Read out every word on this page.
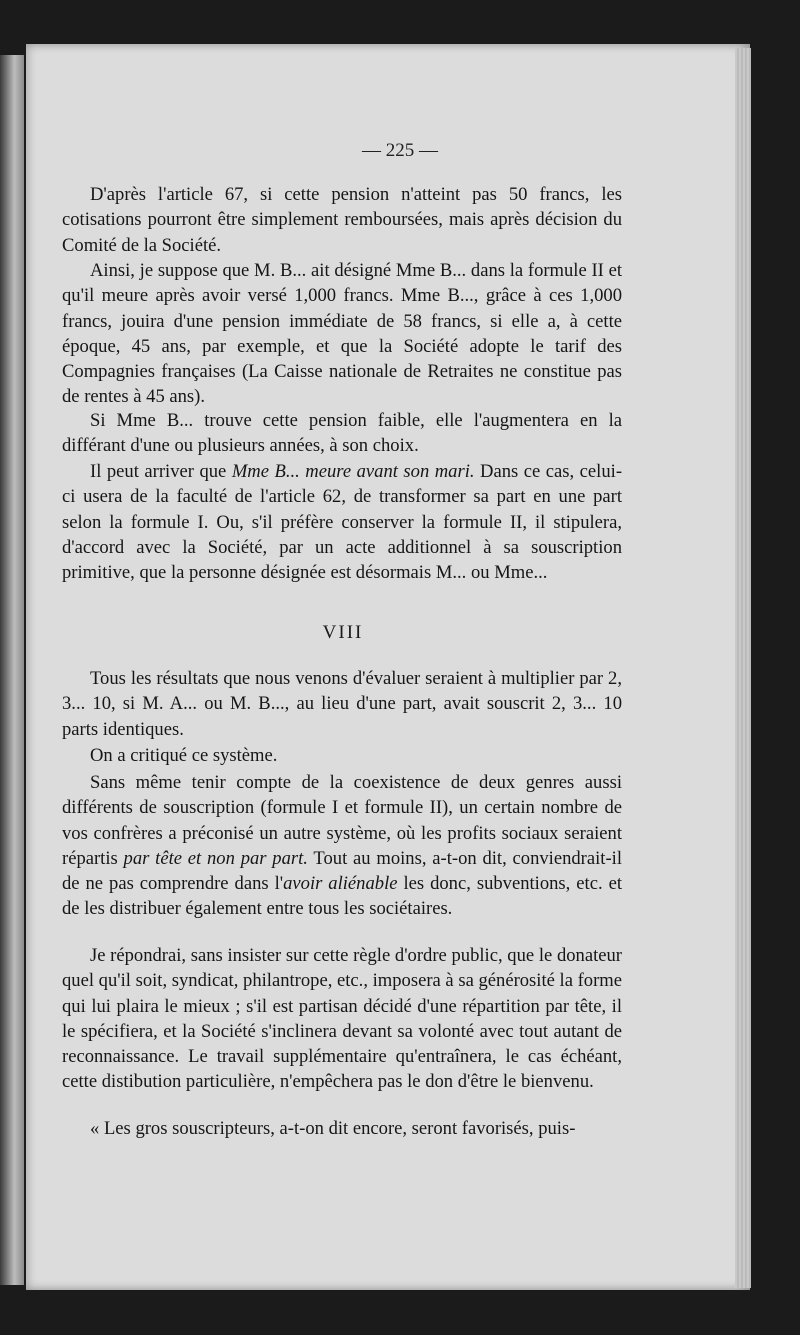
— 225 —

D'après l'article 67, si cette pension n'atteint pas 50 francs, les cotisations pourront être simplement remboursées, mais après décision du Comité de la Société.

Ainsi, je suppose que M. B... ait désigné Mme B... dans la formule II et qu'il meure après avoir versé 1,000 francs. Mme B..., grâce à ces 1,000 francs, jouira d'une pension immédiate de 58 francs, si elle a, à cette époque, 45 ans, par exemple, et que la Société adopte le tarif des Compagnies françaises (La Caisse nationale de Retraites ne constitue pas de rentes à 45 ans).

Si Mme B... trouve cette pension faible, elle l'augmentera en la différant d'une ou plusieurs années, à son choix.

Il peut arriver que Mme B... meure avant son mari. Dans ce cas, celui-ci usera de la faculté de l'article 62, de transformer sa part en une part selon la formule I. Ou, s'il préfère conserver la formule II, il stipulera, d'accord avec la Société, par un acte additionnel à sa souscription primitive, que la personne désignée est désormais M... ou Mme...

VIII

Tous les résultats que nous venons d'évaluer seraient à multiplier par 2, 3... 10, si M. A... ou M. B..., au lieu d'une part, avait souscrit 2, 3... 10 parts identiques.

On a critiqué ce système.

Sans même tenir compte de la coexistence de deux genres aussi différents de souscription (formule I et formule II), un certain nombre de vos confrères a préconisé un autre système, où les profits sociaux seraient répartis par tête et non par part. Tout au moins, a-t-on dit, conviendrait-il de ne pas comprendre dans l'avoir aliénable les donc, subventions, etc. et de les distribuer également entre tous les sociétaires.

Je répondrai, sans insister sur cette règle d'ordre public, que le donateur quel qu'il soit, syndicat, philantrope, etc., imposera à sa générosité la forme qui lui plaira le mieux ; s'il est partisan décidé d'une répartition par tête, il le spécifiera, et la Société s'inclinera devant sa volonté avec tout autant de reconnaissance. Le travail supplémentaire qu'entraînera, le cas échéant, cette distibution particulière, n'empêchera pas le don d'être le bienvenu.

« Les gros souscripteurs, a-t-on dit encore, seront favorisés, puis-
